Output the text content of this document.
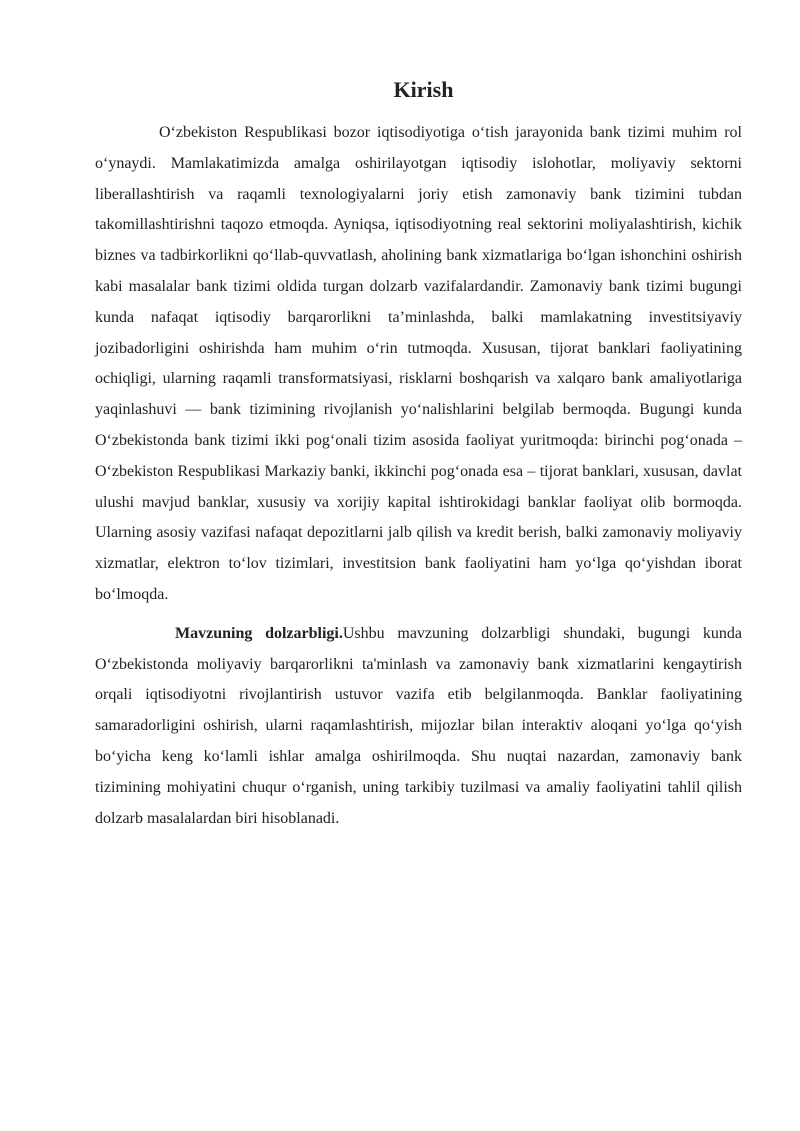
Kirish

O‘zbekiston Respublikasi bozor iqtisodiyotiga o‘tish jarayonida bank tizimi muhim rol o‘ynaydi. Mamlakatimizda amalga oshirilayotgan iqtisodiy islohotlar, moliyaviy sektorni liberallashtirish va raqamli texnologiyalarni joriy etish zamonaviy bank tizimini tubdan takomillashtirishni taqozo etmoqda. Ayniqsa, iqtisodiyotning real sektorini moliyalashtirish, kichik biznes va tadbirkorlikni qo‘llab-quvvatlash, aholining bank xizmatlariga bo‘lgan ishonchini oshirish kabi masalalar bank tizimi oldida turgan dolzarb vazifalardandir. Zamonaviy bank tizimi bugungi kunda nafaqat iqtisodiy barqarorlikni ta’minlashda, balki mamlakatning investitsiyaviy jozibadorligini oshirishda ham muhim o‘rin tutmoqda. Xususan, tijorat banklari faoliyatining ochiqligi, ularning raqamli transformatsiyasi, risklarni boshqarish va xalqaro bank amaliyotlariga yaqinlashuvi — bank tizimining rivojlanish yo‘nalishlarini belgilab bermoqda. Bugungi kunda O‘zbekistonda bank tizimi ikki pog‘onali tizim asosida faoliyat yuritmoqda: birinchi pog‘onada – O‘zbekiston Respublikasi Markaziy banki, ikkinchi pog‘onada esa – tijorat banklari, xususan, davlat ulushi mavjud banklar, xususiy va xorijiy kapital ishtirokidagi banklar faoliyat olib bormoqda. Ularning asosiy vazifasi nafaqat depozitlarni jalb qilish va kredit berish, balki zamonaviy moliyaviy xizmatlar, elektron to‘lov tizimlari, investitsion bank faoliyatini ham yo‘lga qo‘yishdan iborat bo‘lmoqda.

Mavzuning dolzarbligi.Ushbu mavzuning dolzarbligi shundaki, bugungi kunda O‘zbekistonda moliyaviy barqarorlikni ta'minlash va zamonaviy bank xizmatlarini kengaytirish orqali iqtisodiyotni rivojlantirish ustuvor vazifa etib belgilanmoqda. Banklar faoliyatining samaradorligini oshirish, ularni raqamlashtirish, mijozlar bilan interaktiv aloqani yo‘lga qo‘yish bo‘yicha keng ko‘lamli ishlar amalga oshirilmoqda. Shu nuqtai nazardan, zamonaviy bank tizimining mohiyatini chuqur o‘rganish, uning tarkibiy tuzilmasi va amaliy faoliyatini tahlil qilish dolzarb masalalardan biri hisoblanadi.
